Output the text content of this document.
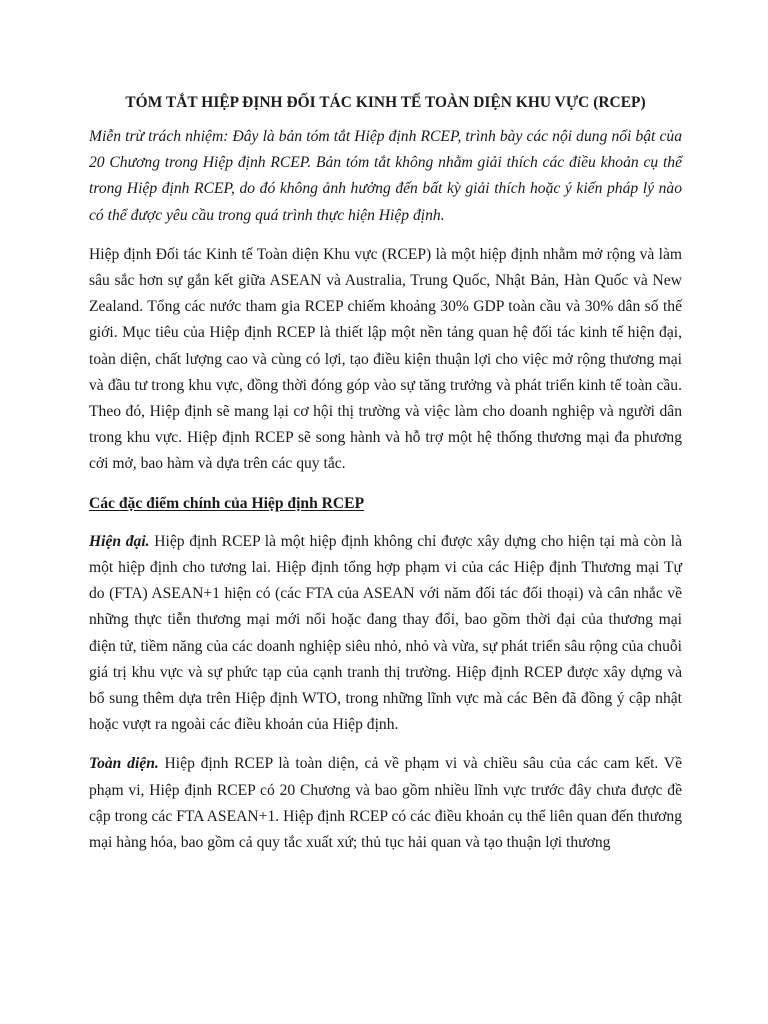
TÓM TẮT HIỆP ĐỊNH ĐỐI TÁC KINH TẾ TOÀN DIỆN KHU VỰC (RCEP)

Miễn trừ trách nhiệm: Đây là bản tóm tắt Hiệp định RCEP, trình bày các nội dung nổi bật của 20 Chương trong Hiệp định RCEP. Bản tóm tắt không nhằm giải thích các điều khoản cụ thể trong Hiệp định RCEP, do đó không ảnh hưởng đến bất kỳ giải thích hoặc ý kiến pháp lý nào có thể được yêu cầu trong quá trình thực hiện Hiệp định.

Hiệp định Đối tác Kinh tế Toàn diện Khu vực (RCEP) là một hiệp định nhằm mở rộng và làm sâu sắc hơn sự gắn kết giữa ASEAN và Australia, Trung Quốc, Nhật Bản, Hàn Quốc và New Zealand. Tổng các nước tham gia RCEP chiếm khoảng 30% GDP toàn cầu và 30% dân số thế giới. Mục tiêu của Hiệp định RCEP là thiết lập một nền tảng quan hệ đối tác kinh tế hiện đại, toàn diện, chất lượng cao và cùng có lợi, tạo điều kiện thuận lợi cho việc mở rộng thương mại và đầu tư trong khu vực, đồng thời đóng góp vào sự tăng trưởng và phát triển kinh tế toàn cầu. Theo đó, Hiệp định sẽ mang lại cơ hội thị trường và việc làm cho doanh nghiệp và người dân trong khu vực. Hiệp định RCEP sẽ song hành và hỗ trợ một hệ thống thương mại đa phương cởi mở, bao hàm và dựa trên các quy tắc.

Các đặc điểm chính của Hiệp định RCEP

Hiện đại. Hiệp định RCEP là một hiệp định không chỉ được xây dựng cho hiện tại mà còn là một hiệp định cho tương lai. Hiệp định tổng hợp phạm vi của các Hiệp định Thương mại Tự do (FTA) ASEAN+1 hiện có (các FTA của ASEAN với năm đối tác đối thoại) và cân nhắc về những thực tiễn thương mại mới nổi hoặc đang thay đổi, bao gồm thời đại của thương mại điện tử, tiềm năng của các doanh nghiệp siêu nhỏ, nhỏ và vừa, sự phát triển sâu rộng của chuỗi giá trị khu vực và sự phức tạp của cạnh tranh thị trường. Hiệp định RCEP được xây dựng và bổ sung thêm dựa trên Hiệp định WTO, trong những lĩnh vực mà các Bên đã đồng ý cập nhật hoặc vượt ra ngoài các điều khoản của Hiệp định.

Toàn diện. Hiệp định RCEP là toàn diện, cả về phạm vi và chiều sâu của các cam kết. Về phạm vi, Hiệp định RCEP có 20 Chương và bao gồm nhiều lĩnh vực trước đây chưa được đề cập trong các FTA ASEAN+1. Hiệp định RCEP có các điều khoản cụ thể liên quan đến thương mại hàng hóa, bao gồm cả quy tắc xuất xứ; thủ tục hải quan và tạo thuận lợi thương
